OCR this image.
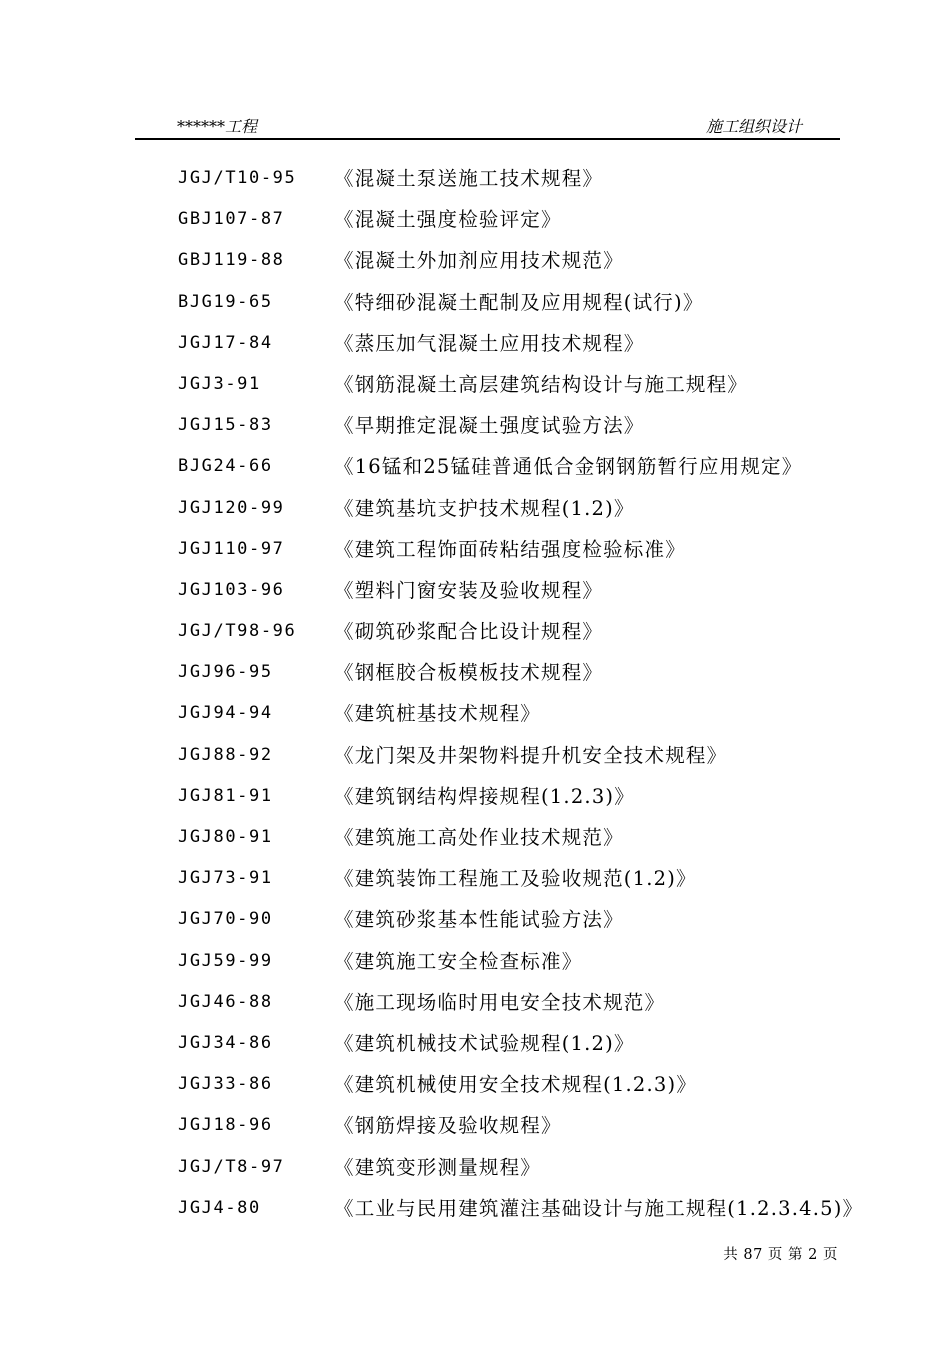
******工程	施工组织设计
JGJ/T10-95 《混凝土泵送施工技术规程》
GBJ107-87	《混凝土强度检验评定》
GBJ119-88	《混凝土外加剂应用技术规范》
BJG19-65	《特细砂混凝土配制及应用规程(试行)》
JGJ17-84	《蒸压加气混凝土应用技术规程》
JGJ3-91	《钢筋混凝土高层建筑结构设计与施工规程》
JGJ15-83	《早期推定混凝土强度试验方法》
BJG24-66	《16锰和25锰硅普通低合金钢钢筋暂行应用规定》
JGJ120-99	《建筑基坑支护技术规程(1.2)》
JGJ110-97	《建筑工程饰面砖粘结强度检验标准》
JGJ103-96	《塑料门窗安装及验收规程》
JGJ/T98-96 《砌筑砂浆配合比设计规程》
JGJ96-95	《钢框胶合板模板技术规程》
JGJ94-94	《建筑桩基技术规程》
JGJ88-92	《龙门架及井架物料提升机安全技术规程》
JGJ81-91	《建筑钢结构焊接规程(1.2.3)》
JGJ80-91	《建筑施工高处作业技术规范》
JGJ73-91	《建筑装饰工程施工及验收规范(1.2)》
JGJ70-90	《建筑砂浆基本性能试验方法》
JGJ59-99	《建筑施工安全检查标准》
JGJ46-88	《施工现场临时用电安全技术规范》
JGJ34-86	《建筑机械技术试验规程(1.2)》
JGJ33-86	《建筑机械使用安全技术规程(1.2.3)》
JGJ18-96	《钢筋焊接及验收规程》
JGJ/T8-97	《建筑变形测量规程》
JGJ4-80	《工业与民用建筑灌注基础设计与施工规程(1.2.3.4.5)》
共 87 页 第 2 页
